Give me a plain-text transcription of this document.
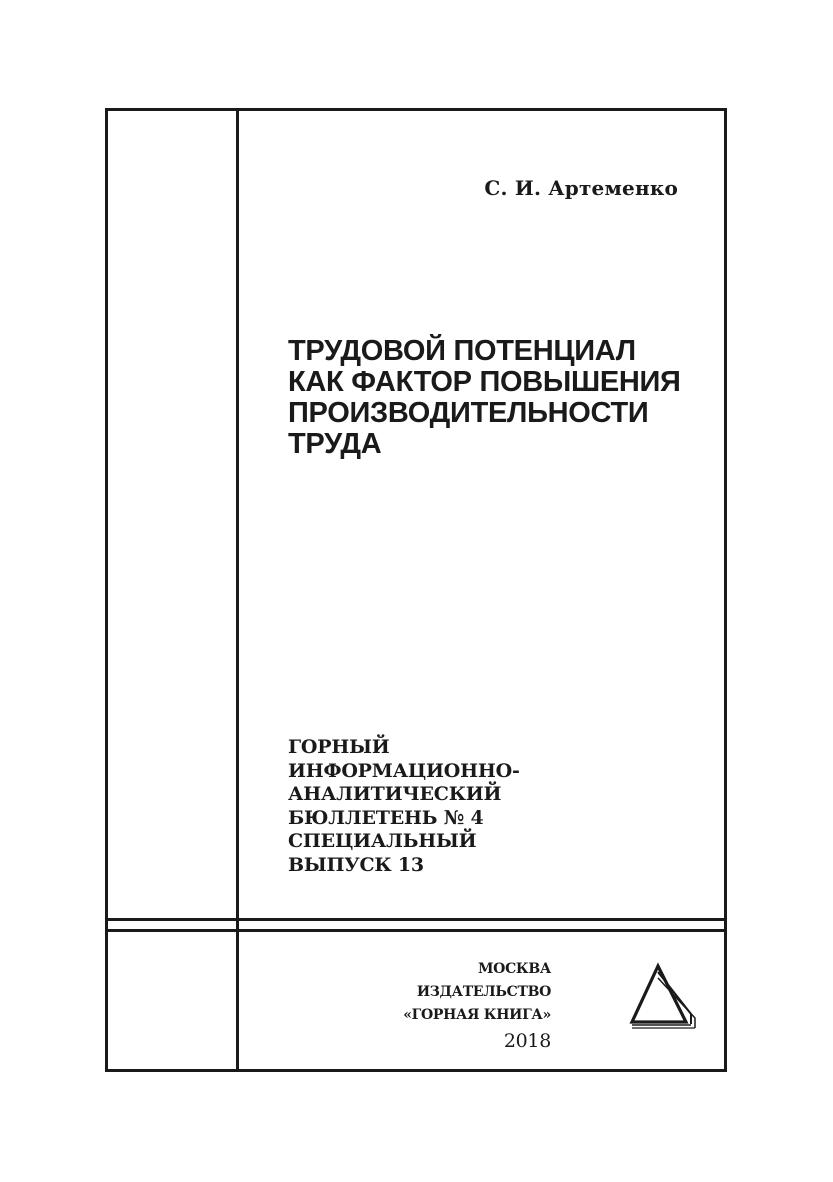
С. И. Артеменко
ТРУДОВОЙ ПОТЕНЦИАЛ
КАК ФАКТОР ПОВЫШЕНИЯ
ПРОИЗВОДИТЕЛЬНОСТИ
ТРУДА
ГОРНЫЙ
ИНФОРМАЦИОННО-
АНАЛИТИЧЕСКИЙ
БЮЛЛЕТЕНЬ № 4
СПЕЦИАЛЬНЫЙ
ВЫПУСК 13
МОСКВА
ИЗДАТЕЛЬСТВО
«ГОРНАЯ КНИГА»
2018
